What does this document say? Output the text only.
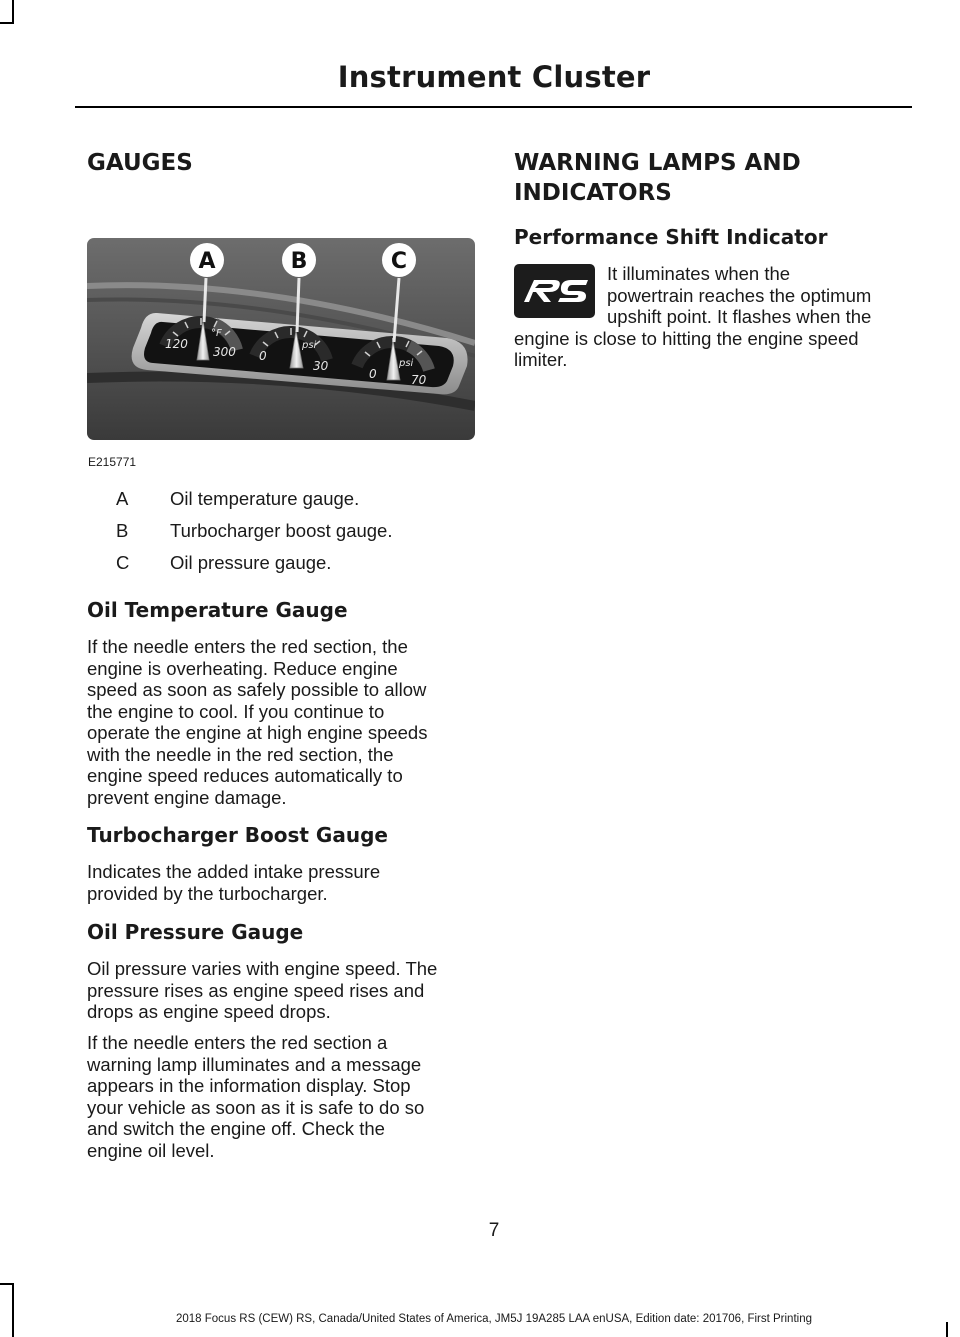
Instrument Cluster
GAUGES
A	B	C
120
300
°F
0
30
psi
0	70
psi
E215771
A	Oil temperature gauge.
B	Turbocharger boost gauge.
C	Oil pressure gauge.
Oil Temperature Gauge
If the needle enters the red section, the
engine is overheating. Reduce engine
speed as soon as safely possible to allow
the engine to cool. If you continue to
operate the engine at high engine speeds
with the needle in the red section, the
engine speed reduces automatically to
prevent engine damage.
Turbocharger Boost Gauge
Indicates the added intake pressure
provided by the turbocharger.
Oil Pressure Gauge
Oil pressure varies with engine speed. The
pressure rises as engine speed rises and
drops as engine speed drops.
If the needle enters the red section a
warning lamp illuminates and a message
appears in the information display. Stop
your vehicle as soon as it is safe to do so
and switch the engine off. Check the
engine oil level.
WARNING LAMPS AND
INDICATORS
Performance Shift Indicator
It illuminates when the
powertrain reaches the optimum
upshift point. It flashes when the
engine is close to hitting the engine speed
limiter.
7
2018 Focus RS (CEW) RS, Canada/United States of America, JM5J 19A285 LAA enUSA, Edition date: 201706, First Printing
